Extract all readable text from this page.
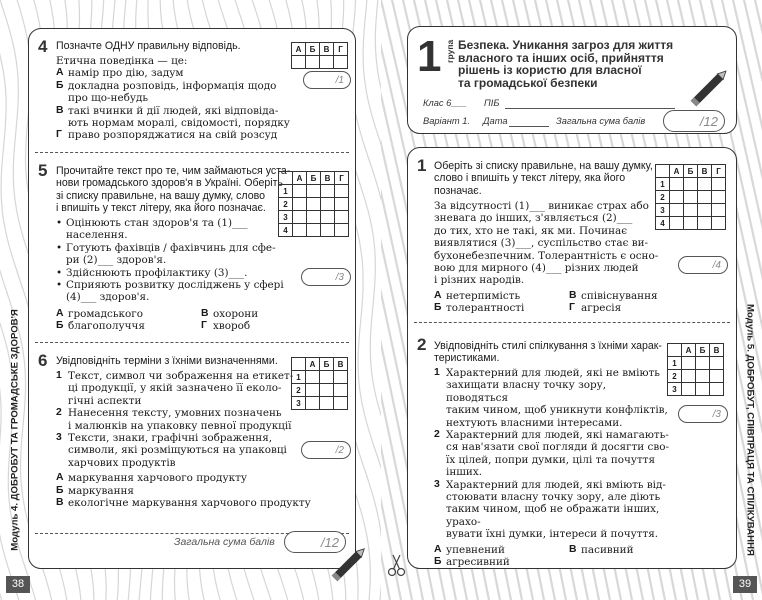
4 Позначте ОДНУ правильну відповідь.
Етична поведінка — це:
А намір про дію, задум
Б докладна розповідь, інформація щодо
про що-небудь
В такі вчинки й дії людей, які відповіда-
ють нормам моралі, свідомості, порядку
Г право розпоряджатися на свій розсуд
А	Б	В	Г

/1
5 Прочитайте текст про те, чим займаються уста-
нови громадського здоров'я в Україні. Оберіть
зі списку правильне, на вашу думку, слово
і впишіть у текст літеру, яка його позначає.
• Оцінюють стан здоров'я та (1)___
населення.
• Готують фахівців / фахівчинь для сфе-
ри (2)___ здоров'я.
• Здійснюють профілактику (3)___.
• Сприяють розвитку досліджень у сфері
(4)___ здоров'я.
А громадського	В охорони
Б благополуччя	Г хвороб
	А	Б	В	Г
1				
2				
3				
4				
/3
6 Увідповідніть терміни з їхніми визначеннями.
1 Текст, символ чи зображення на етикет-
ці продукції, у якій зазначено її еколо-
гічні аспекти
2 Нанесення тексту, умовних позначень
і малюнків на упаковку певної продукції
3 Тексти, знаки, графічні зображення,
символи, які розміщуються на упаковці
харчових продуктів
А маркування харчового продукту
Б маркування
В екологічне маркування харчового продукту
	А	Б	В
1			
2			
3			
/2
Загальна сума балів	/12
Модуль 4. ДОБРОБУТ ТА ГРОМАДСЬКЕ ЗДОРОВ'Я
38
1 група Безпека. Уникання загроз для життя
власного та інших осіб, прийняття
рішень із користю для власної
та громадської безпеки
Клас 6___ ПІБ
Варіант 1. Дата	Загальна сума балів	/12
1 Оберіть зі списку правильне, на вашу думку,
слово і впишіть у текст літеру, яка його
позначає.
За відсутності (1)___ виникає страх або
зневага до інших, з'являється (2)___
до тих, хто не такі, як ми. Починає
виявлятися (3)___, суспільство стає ви-
бухонебезпечним. Толерантність є осно-
вою для мирного (4)___ різних людей
і різних народів.
А нетерпимість	В співіснування
Б толерантності	Г агресія
	А	Б	В	Г
1				
2				
3				
4				
/4
2 Увідповідніть стилі спілкування з їхніми харак-
теристиками.
1 Характерний для людей, які не вміють
захищати власну точку зору, поводяться
таким чином, щоб уникнути конфліктів,
нехтують власними інтересами.
2 Характерний для людей, які намагають-
ся нав'язати свої погляди й досягти сво-
їх цілей, попри думки, цілі та почуття
інших.
3 Характерний для людей, які вміють від-
стоювати власну точку зору, але діють
таким чином, щоб не ображати інших, урахо-
вувати їхні думки, інтереси й почуття.
А упевнений	В пасивний
Б агресивний
	А	Б	В
1			
2			
3			
/3	Модуль 5. ДОБРОБУТ, СПІВПРАЦЯ ТА СПІЛКУВАННЯ
39
